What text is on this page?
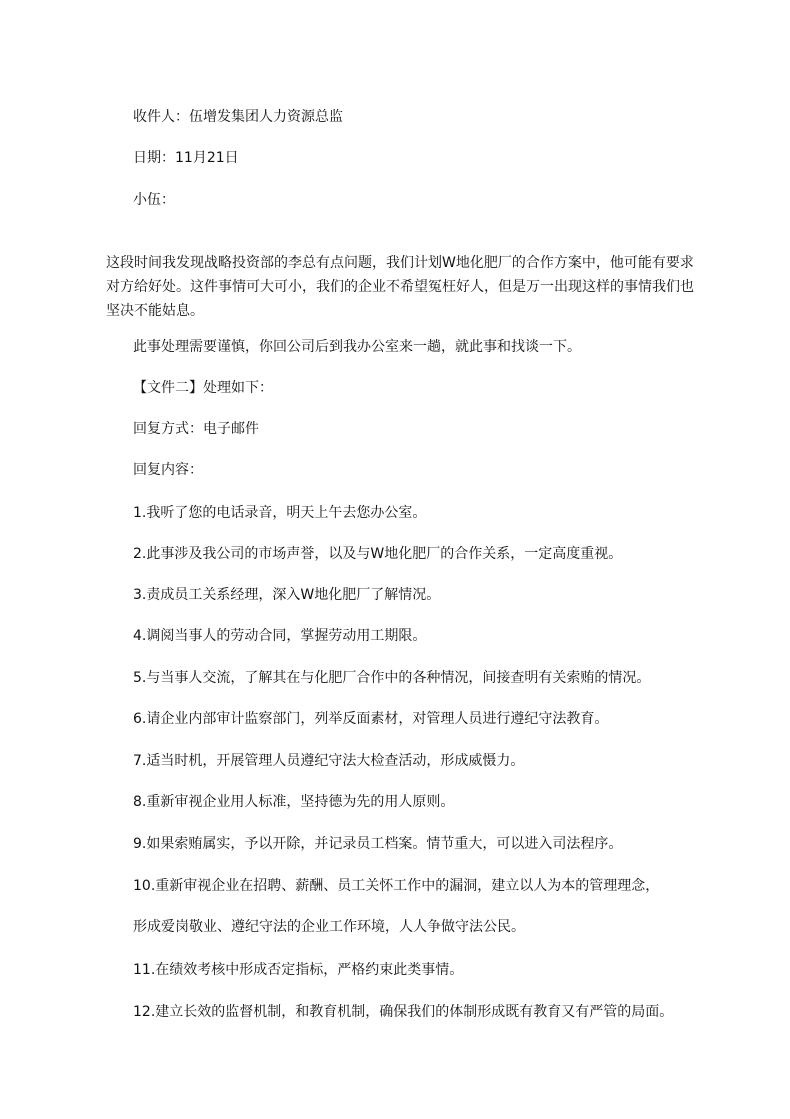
收件人：伍增发集团人力资源总监

日期：11月21日

小伍：

这段时间我发现战略投资部的李总有点问题，我们计划W地化肥厂的合作方案中，他可能有要求对方给好处。这件事情可大可小，我们的企业不希望冤枉好人，但是万一出现这样的事情我们也坚决不能姑息。

此事处理需要谨慎，你回公司后到我办公室来一趟，就此事和找谈一下。

【文件二】处理如下：

回复方式：电子邮件

回复内容：

1.我听了您的电话录音，明天上午去您办公室。

2.此事涉及我公司的市场声誉，以及与W地化肥厂的合作关系，一定高度重视。

3.责成员工关系经理，深入W地化肥厂了解情况。

4.调阅当事人的劳动合同，掌握劳动用工期限。

5.与当事人交流，了解其在与化肥厂合作中的各种情况，间接查明有关索贿的情况。

6.请企业内部审计监察部门，列举反面素材，对管理人员进行遵纪守法教育。

7.适当时机，开展管理人员遵纪守法大检查活动，形成威慑力。

8.重新审视企业用人标准，坚持德为先的用人原则。

9.如果索贿属实，予以开除，并记录员工档案。情节重大，可以进入司法程序。

10.重新审视企业在招聘、薪酬、员工关怀工作中的漏洞，建立以人为本的管理理念，

形成爱岗敬业、遵纪守法的企业工作环境，人人争做守法公民。

11.在绩效考核中形成否定指标，严格约束此类事情。

12.建立长效的监督机制，和教育机制，确保我们的体制形成既有教育又有严管的局面。
